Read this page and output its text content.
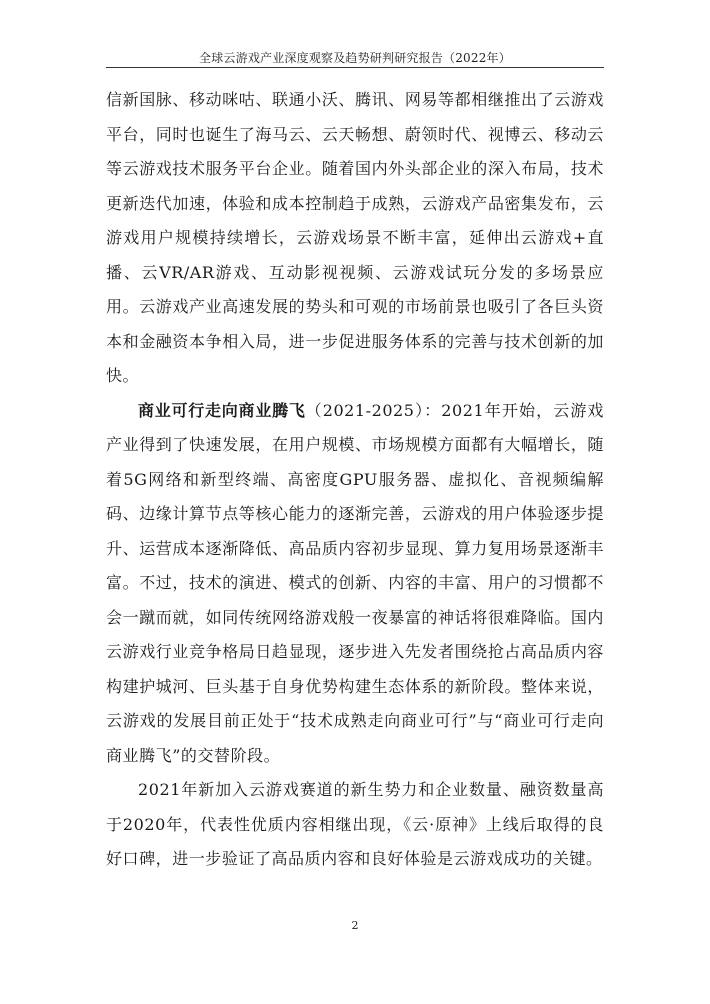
全球云游戏产业深度观察及趋势研判研究报告（2022年）

信新国脉、移动咪咕、联通小沃、腾讯、网易等都相继推出了云游戏平台，同时也诞生了海马云、云天畅想、蔚领时代、视博云、移动云等云游戏技术服务平台企业。随着国内外头部企业的深入布局，技术更新迭代加速，体验和成本控制趋于成熟，云游戏产品密集发布，云游戏用户规模持续增长，云游戏场景不断丰富，延伸出云游戏+直播、云VR/AR游戏、互动影视视频、云游戏试玩分发的多场景应用。云游戏产业高速发展的势头和可观的市场前景也吸引了各巨头资本和金融资本争相入局，进一步促进服务体系的完善与技术创新的加快。

商业可行走向商业腾飞（2021-2025）：2021年开始，云游戏产业得到了快速发展，在用户规模、市场规模方面都有大幅增长，随着5G网络和新型终端、高密度GPU服务器、虚拟化、音视频编解码、边缘计算节点等核心能力的逐渐完善，云游戏的用户体验逐步提升、运营成本逐渐降低、高品质内容初步显现、算力复用场景逐渐丰富。不过，技术的演进、模式的创新、内容的丰富、用户的习惯都不会一蹴而就，如同传统网络游戏般一夜暴富的神话将很难降临。国内云游戏行业竞争格局日趋显现，逐步进入先发者围绕抢占高品质内容构建护城河、巨头基于自身优势构建生态体系的新阶段。整体来说，云游戏的发展目前正处于“技术成熟走向商业可行”与“商业可行走向商业腾飞”的交替阶段。

2021年新加入云游戏赛道的新生势力和企业数量、融资数量高于2020年，代表性优质内容相继出现，《云·原神》上线后取得的良好口碑，进一步验证了高品质内容和良好体验是云游戏成功的关键。

2
